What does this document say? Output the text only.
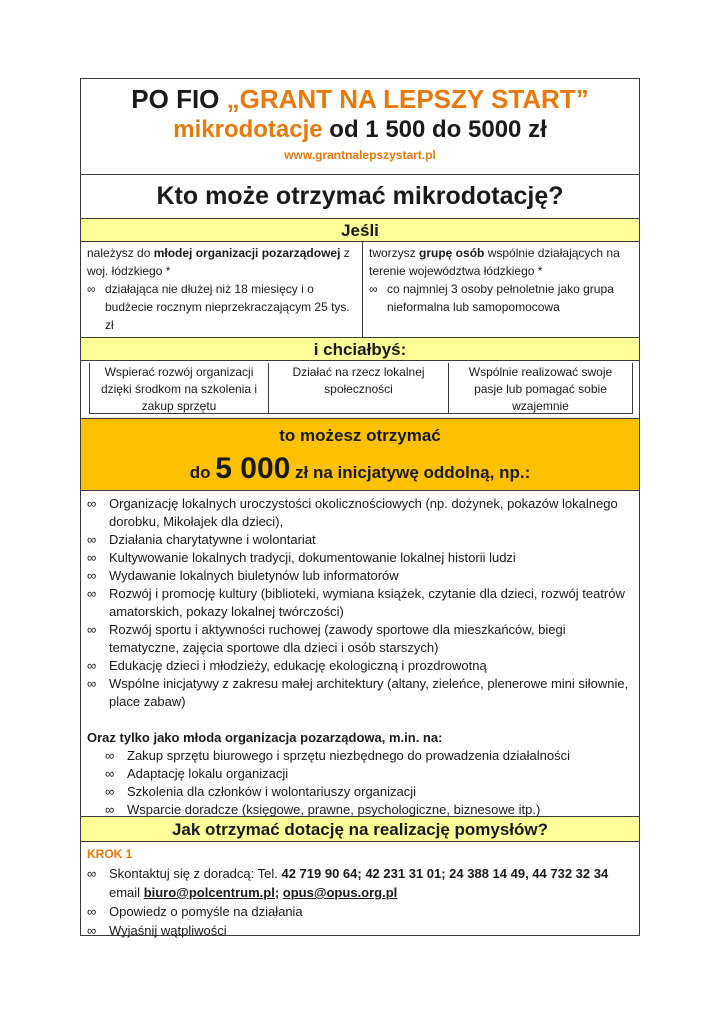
PO FIO „GRANT NA LEPSZY START”
mikrodotacje od 1 500 do 5000 zł
www.grantnalepszystart.pl
Kto może otrzymać mikrodotację?
Jeśli
należysz do młodej organizacji pozarządowej z woj. łódzkiego *
∞ działająca nie dłużej niż 18 miesięcy i o budżecie rocznym nieprzekraczającym 25 tys. zł
tworzysz grupę osób wspólnie działających na terenie województwa łódzkiego *
∞ co najmniej 3 osoby pełnoletnie jako grupa nieformalna lub samopomocowa
i chciałbyś:
Wspierać rozwój organizacji dzięki środkom na szkolenia i zakup sprzętu
Działać na rzecz lokalnej społeczności
Wspólnie realizować swoje pasje lub pomagać sobie wzajemnie
to możesz otrzymać
do 5 000 zł na inicjatywę oddolną, np.:
∞ Organizację lokalnych uroczystości okolicznościowych (np. dożynek, pokazów lokalnego dorobku, Mikołajek dla dzieci),
∞ Działania charytatywne i wolontariat
∞ Kultywowanie lokalnych tradycji, dokumentowanie lokalnej historii ludzi
∞ Wydawanie lokalnych biuletynów lub informatorów
∞ Rozwój i promocję kultury (biblioteki, wymiana książek, czytanie dla dzieci, rozwój teatrów amatorskich, pokazy lokalnej twórczości)
∞ Rozwój sportu i aktywności ruchowej (zawody sportowe dla mieszkańców, biegi tematyczne, zajęcia sportowe dla dzieci i osób starszych)
∞ Edukację dzieci i młodzieży, edukację ekologiczną i prozdrowotną
∞ Wspólne inicjatywy z zakresu małej architektury (altany, zieleńce, plenerowe mini siłownie, place zabaw)
Oraz tylko jako młoda organizacja pozarządowa, m.in. na:
∞ Zakup sprzętu biurowego i sprzętu niezbędnego do prowadzenia działalności
∞ Adaptację lokalu organizacji
∞ Szkolenia dla członków i wolontariuszy organizacji
∞ Wsparcie doradcze (księgowe, prawne, psychologiczne, biznesowe itp.)
Jak otrzymać dotację na realizację pomysłów?
KROK 1
∞ Skontaktuj się z doradcą: Tel. 42 719 90 64; 42 231 31 01; 24 388 14 49, 44 732 32 34
email biuro@polcentrum.pl; opus@opus.org.pl
∞ Opowiedz o pomyśle na działania
∞ Wyjaśnij wątpliwości
